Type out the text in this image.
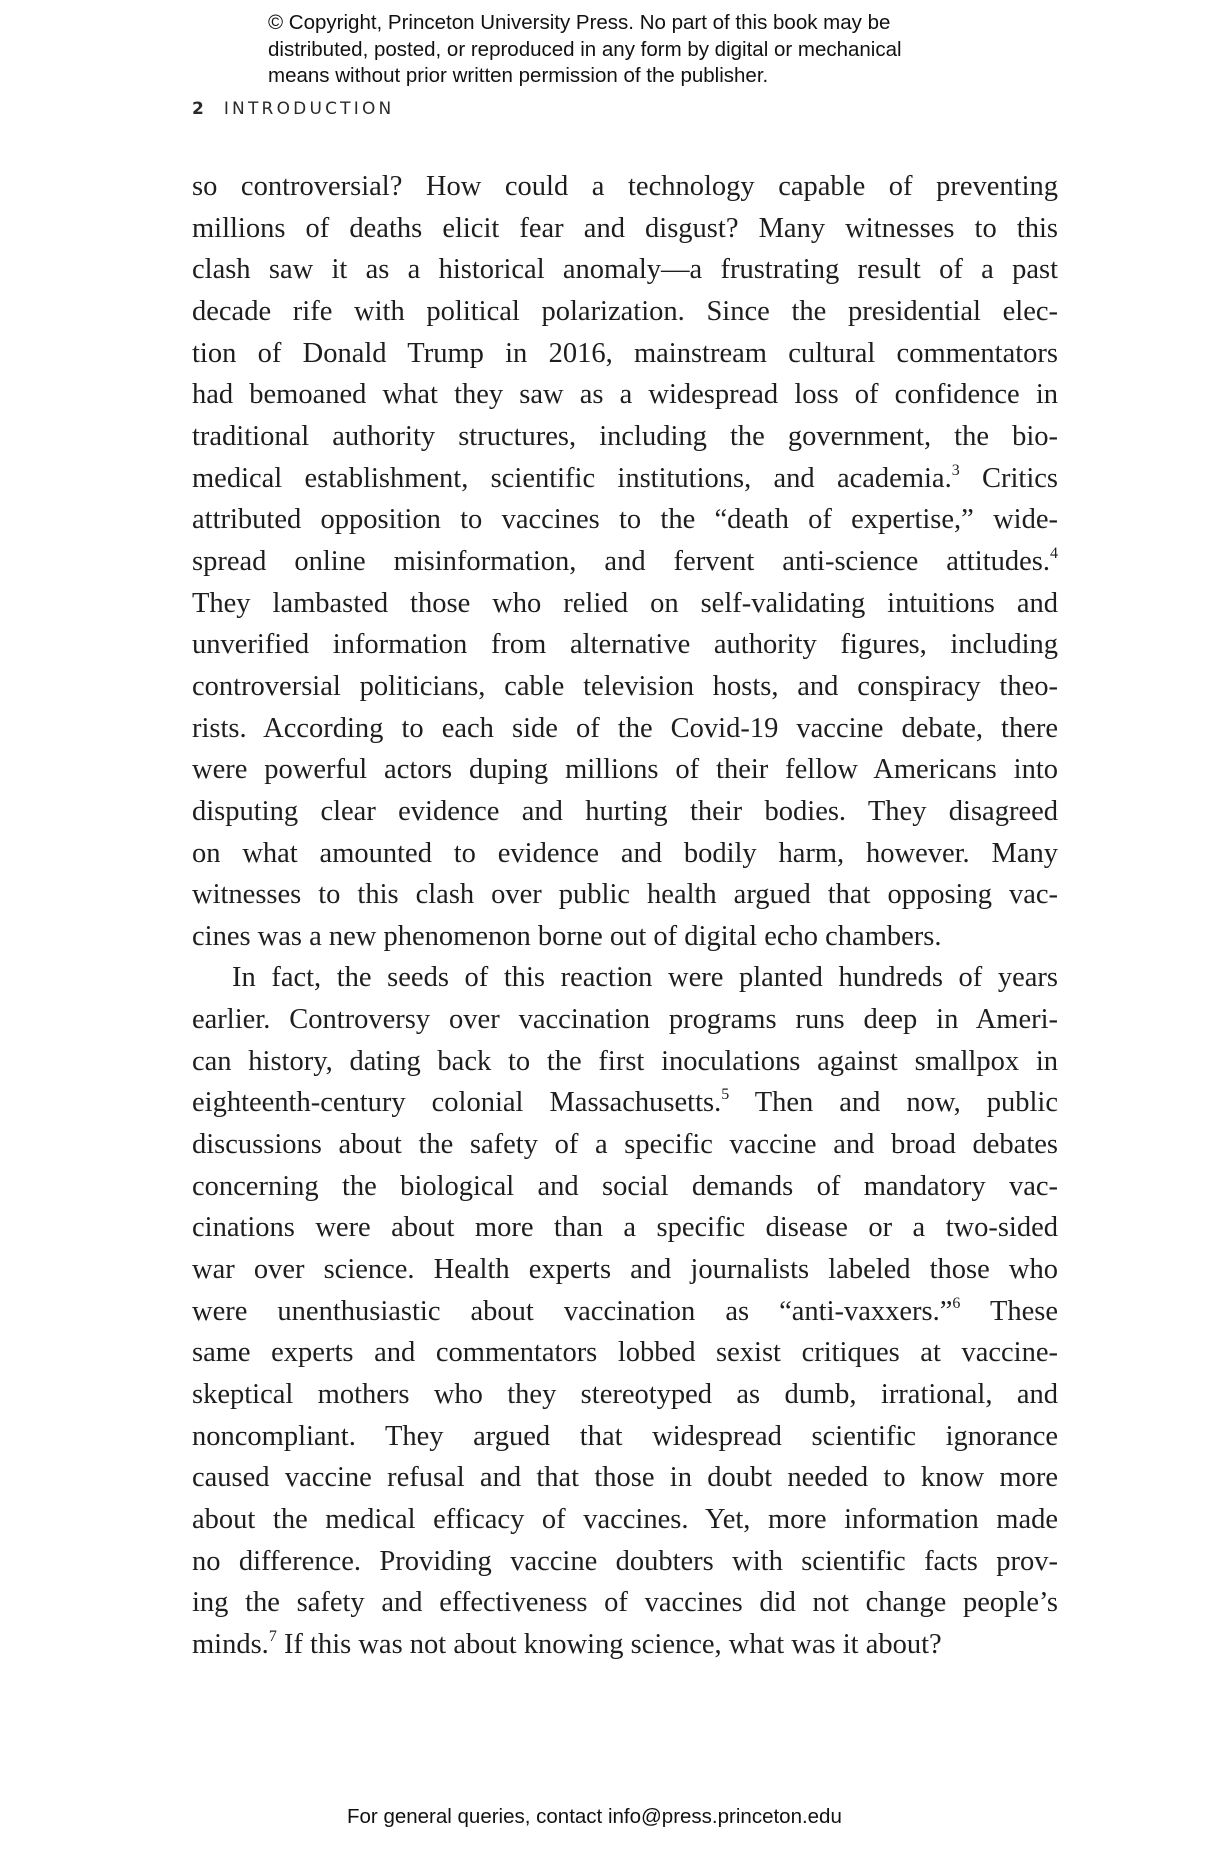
© Copyright, Princeton University Press. No part of this book may be
distributed, posted, or reproduced in any form by digital or mechanical
means without prior written permission of the publisher.
2 INTRODUCTION
so controversial? How could a technology capable of preventing
millions of deaths elicit fear and disgust? Many witnesses to this
clash saw it as a historical anomaly—a frustrating result of a past
decade rife with political polarization. Since the presidential elec-
tion of Donald Trump in 2016, mainstream cultural commentators
had bemoaned what they saw as a widespread loss of confidence in
traditional authority structures, including the government, the bio-
medical establishment, scientific institutions, and academia.$^3$ Critics
attributed opposition to vaccines to the “death of expertise,” wide-
spread online misinformation, and fervent anti-science attitudes.$^4$
They lambasted those who relied on self-validating intuitions and
unverified information from alternative authority figures, including
controversial politicians, cable television hosts, and conspiracy theo-
rists. According to each side of the Covid-19 vaccine debate, there
were powerful actors duping millions of their fellow Americans into
disputing clear evidence and hurting their bodies. They disagreed
on what amounted to evidence and bodily harm, however. Many
witnesses to this clash over public health argued that opposing vac-
cines was a new phenomenon borne out of digital echo chambers.
In fact, the seeds of this reaction were planted hundreds of years
earlier. Controversy over vaccination programs runs deep in Ameri-
can history, dating back to the first inoculations against smallpox in
eighteenth-century colonial Massachusetts.$^5$ Then and now, public
discussions about the safety of a specific vaccine and broad debates
concerning the biological and social demands of mandatory vac-
cinations were about more than a specific disease or a two-sided
war over science. Health experts and journalists labeled those who
were unenthusiastic about vaccination as “anti-vaxxers.”$^6$ These
same experts and commentators lobbed sexist critiques at vaccine-
skeptical mothers who they stereotyped as dumb, irrational, and
noncompliant. They argued that widespread scientific ignorance
caused vaccine refusal and that those in doubt needed to know more
about the medical efficacy of vaccines. Yet, more information made
no difference. Providing vaccine doubters with scientific facts prov-
ing the safety and effectiveness of vaccines did not change people’s
minds.$^7$ If this was not about knowing science, what was it about?
For general queries, contact info@press.princeton.edu
